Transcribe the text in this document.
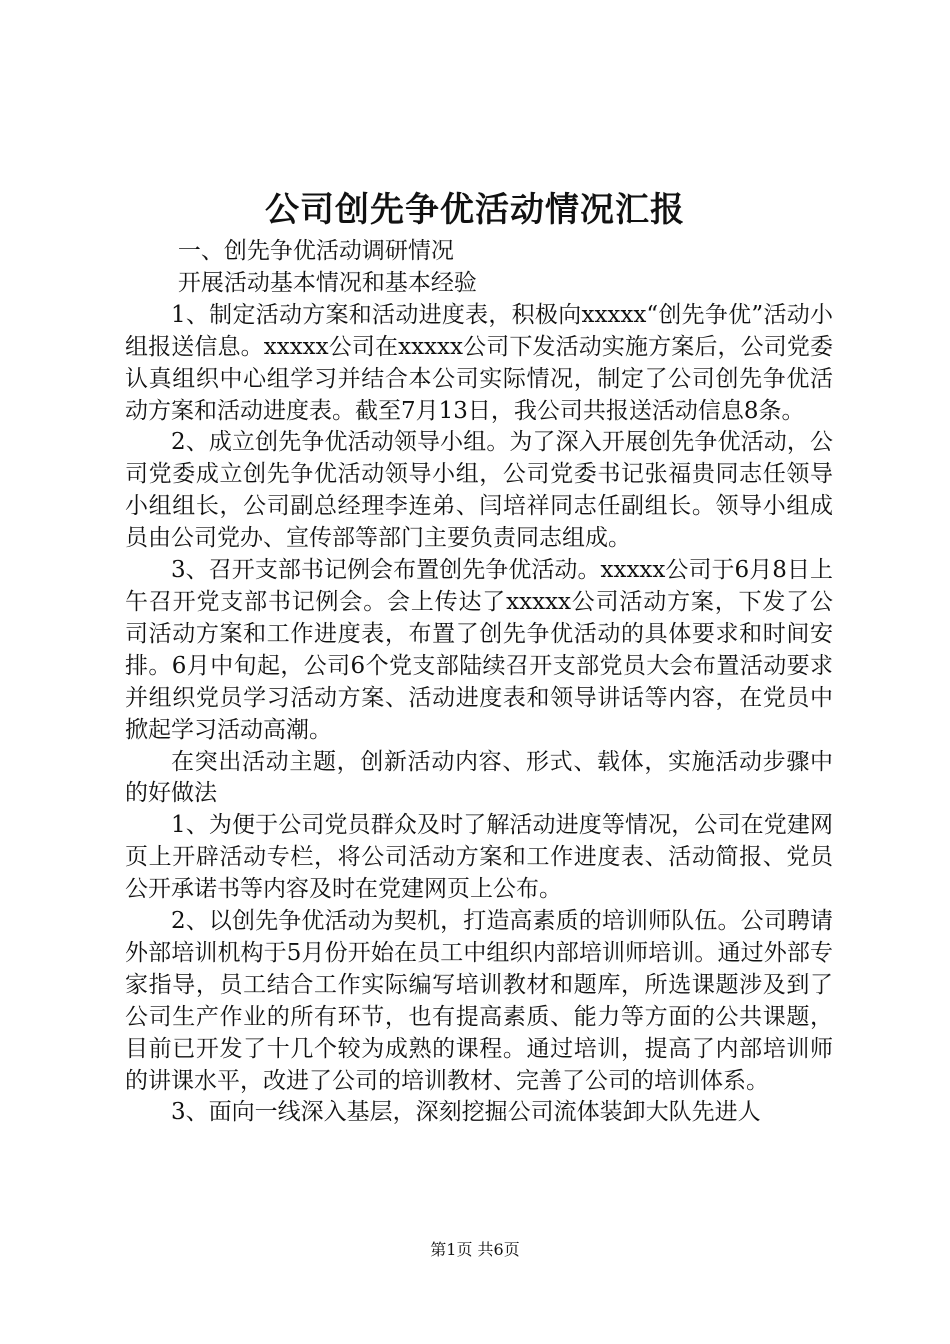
公司创先争优活动情况汇报

一、创先争优活动调研情况

开展活动基本情况和基本经验

1、制定活动方案和活动进度表，积极向xxxxx“创先争优”活动小组报送信息。xxxxx公司在xxxxx公司下发活动实施方案后，公司党委认真组织中心组学习并结合本公司实际情况，制定了公司创先争优活动方案和活动进度表。截至7月13日，我公司共报送活动信息8条。

2、成立创先争优活动领导小组。为了深入开展创先争优活动，公司党委成立创先争优活动领导小组，公司党委书记张福贵同志任领导小组组长，公司副总经理李连弟、闫培祥同志任副组长。领导小组成员由公司党办、宣传部等部门主要负责同志组成。

3、召开支部书记例会布置创先争优活动。xxxxx公司于6月8日上午召开党支部书记例会。会上传达了xxxxx公司活动方案，下发了公司活动方案和工作进度表，布置了创先争优活动的具体要求和时间安排。6月中旬起，公司6个党支部陆续召开支部党员大会布置活动要求并组织党员学习活动方案、活动进度表和领导讲话等内容，在党员中掀起学习活动高潮。

在突出活动主题，创新活动内容、形式、载体，实施活动步骤中的好做法

1、为便于公司党员群众及时了解活动进度等情况，公司在党建网页上开辟活动专栏，将公司活动方案和工作进度表、活动简报、党员公开承诺书等内容及时在党建网页上公布。

2、以创先争优活动为契机，打造高素质的培训师队伍。公司聘请外部培训机构于5月份开始在员工中组织内部培训师培训。通过外部专家指导，员工结合工作实际编写培训教材和题库，所选课题涉及到了公司生产作业的所有环节，也有提高素质、能力等方面的公共课题，目前已开发了十几个较为成熟的课程。通过培训，提高了内部培训师的讲课水平，改进了公司的培训教材、完善了公司的培训体系。

3、面向一线深入基层，深刻挖掘公司流体装卸大队先进人

第1页 共6页
